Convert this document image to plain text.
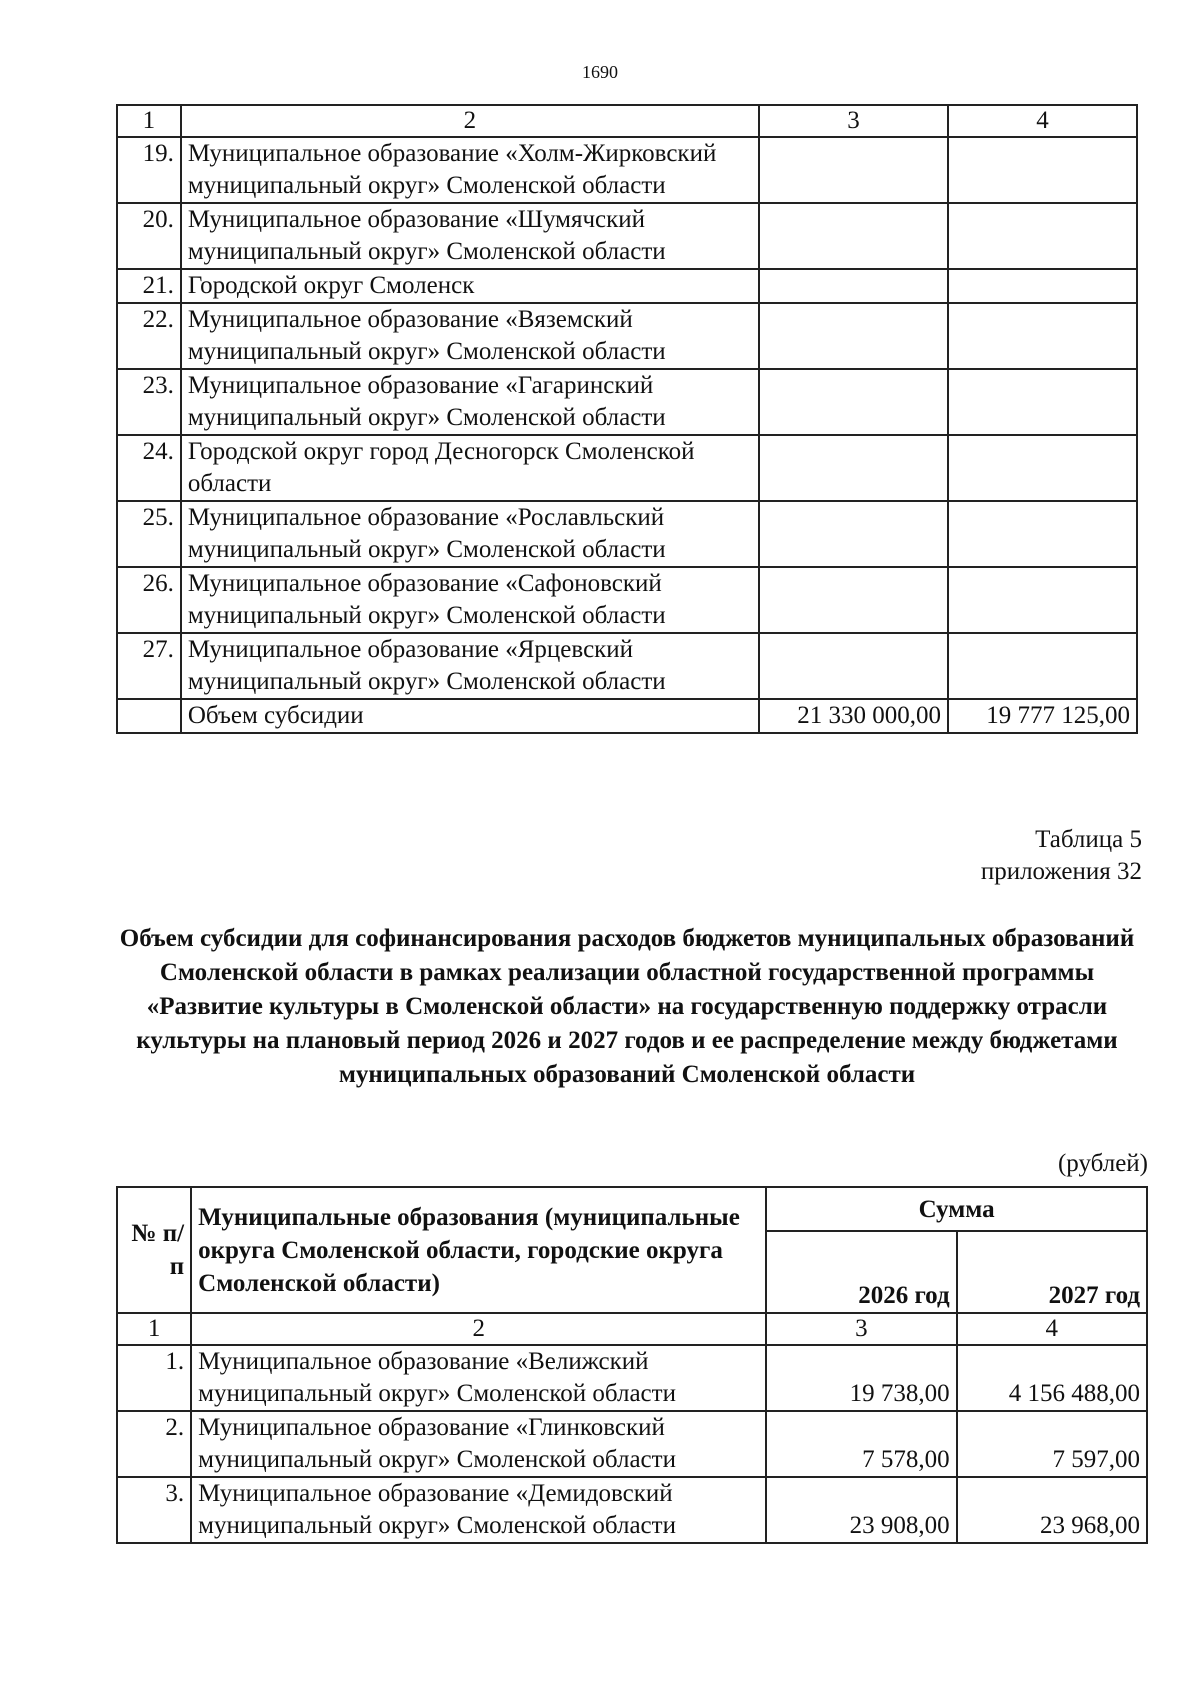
1690
1	2	3	4
19.	Муниципальное образование «Холм-Жирковский муниципальный округ» Смоленской области		
20.	Муниципальное образование «Шумячский муниципальный округ» Смоленской области		
21.	Городской округ Смоленск		
22.	Муниципальное образование «Вяземский муниципальный округ» Смоленской области		
23.	Муниципальное образование «Гагаринский муниципальный округ» Смоленской области		
24.	Городской округ город Десногорск Смоленской области		
25.	Муниципальное образование «Рославльский муниципальный округ» Смоленской области		
26.	Муниципальное образование «Сафоновский муниципальный округ» Смоленской области		
27.	Муниципальное образование «Ярцевский муниципальный округ» Смоленской области		
	Объем субсидии	21 330 000,00	19 777 125,00
Таблица 5
приложения 32
Объем субсидии для софинансирования расходов бюджетов муниципальных образований Смоленской области в рамках реализации областной государственной программы «Развитие культуры в Смоленской области» на государственную поддержку отрасли культуры на плановый период 2026 и 2027 годов и ее распределение между бюджетами муниципальных образований Смоленской области
(рублей)
№ п/п	Муниципальные образования (муниципальные округа Смоленской области, городские округа Смоленской области)	Сумма	
		2026 год	2027 год
1	2	3	4
1.	Муниципальное образование «Велижский муниципальный округ» Смоленской области	19 738,00	4 156 488,00
2.	Муниципальное образование «Глинковский муниципальный округ» Смоленской области	7 578,00	7 597,00
3.	Муниципальное образование «Демидовский муниципальный округ» Смоленской области	23 908,00	23 968,00
